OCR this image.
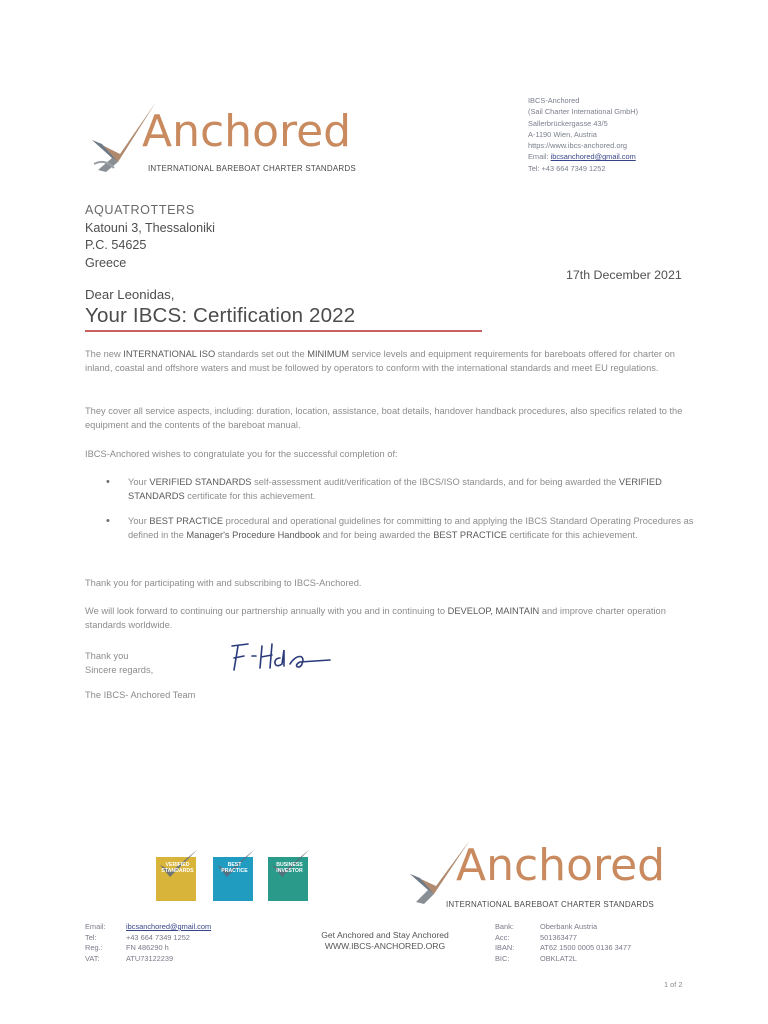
Anchored
INTERNATIONAL BAREBOAT CHARTER STANDARDS
IBCS-Anchored
(Sail Charter International GmbH)
Sallerbrückergasse 43/5
A-1190 Wien, Austria
https://www.ibcs-anchored.org
Email: ibcsanchored@gmail.com
Tel: +43 664 7349 1252
AQUATROTTERS
Katouni 3, Thessaloniki
P.C. 54625
Greece
17th December 2021
Dear Leonidas,
Your IBCS: Certification 2022
The new INTERNATIONAL ISO standards set out the MINIMUM service levels and equipment requirements for bareboats offered for charter on inland, coastal and offshore waters and must be followed by operators to conform with the international standards and meet EU regulations.
They cover all service aspects, including: duration, location, assistance, boat details, handover handback procedures, also specifics related to the equipment and the contents of the bareboat manual.
IBCS-Anchored wishes to congratulate you for the successful completion of:
• Your VERIFIED STANDARDS self-assessment audit/verification of the IBCS/ISO standards, and for being awarded the VERIFIED STANDARDS certificate for this achievement.
• Your BEST PRACTICE procedural and operational guidelines for committing to and applying the IBCS Standard Operating Procedures as defined in the Manager's Procedure Handbook and for being awarded the BEST PRACTICE certificate for this achievement.
Thank you for participating with and subscribing to IBCS-Anchored.
We will look forward to continuing our partnership annually with you and in continuing to DEVELOP, MAINTAIN and improve charter operation standards worldwide.
Thank you
Sincere regards,
The IBCS- Anchored Team
VERIFIED STANDARDS
BEST PRACTICE
BUSINESS INVESTOR	Anchored
INTERNATIONAL BAREBOAT CHARTER STANDARDS
Email:
Tel:
Reg.:
VAT:
ibcsanchored@gmail.com
+43 664 7349 1252
FN 486290 h
ATU73122239
Get Anchored and Stay Anchored
WWW.IBCS-ANCHORED.ORG
Bank:
Acc:
IBAN:
BIC:
Oberbank Austria
501363477
AT62 1500 0005 0136 3477
OBKLAT2L
1 of 2
